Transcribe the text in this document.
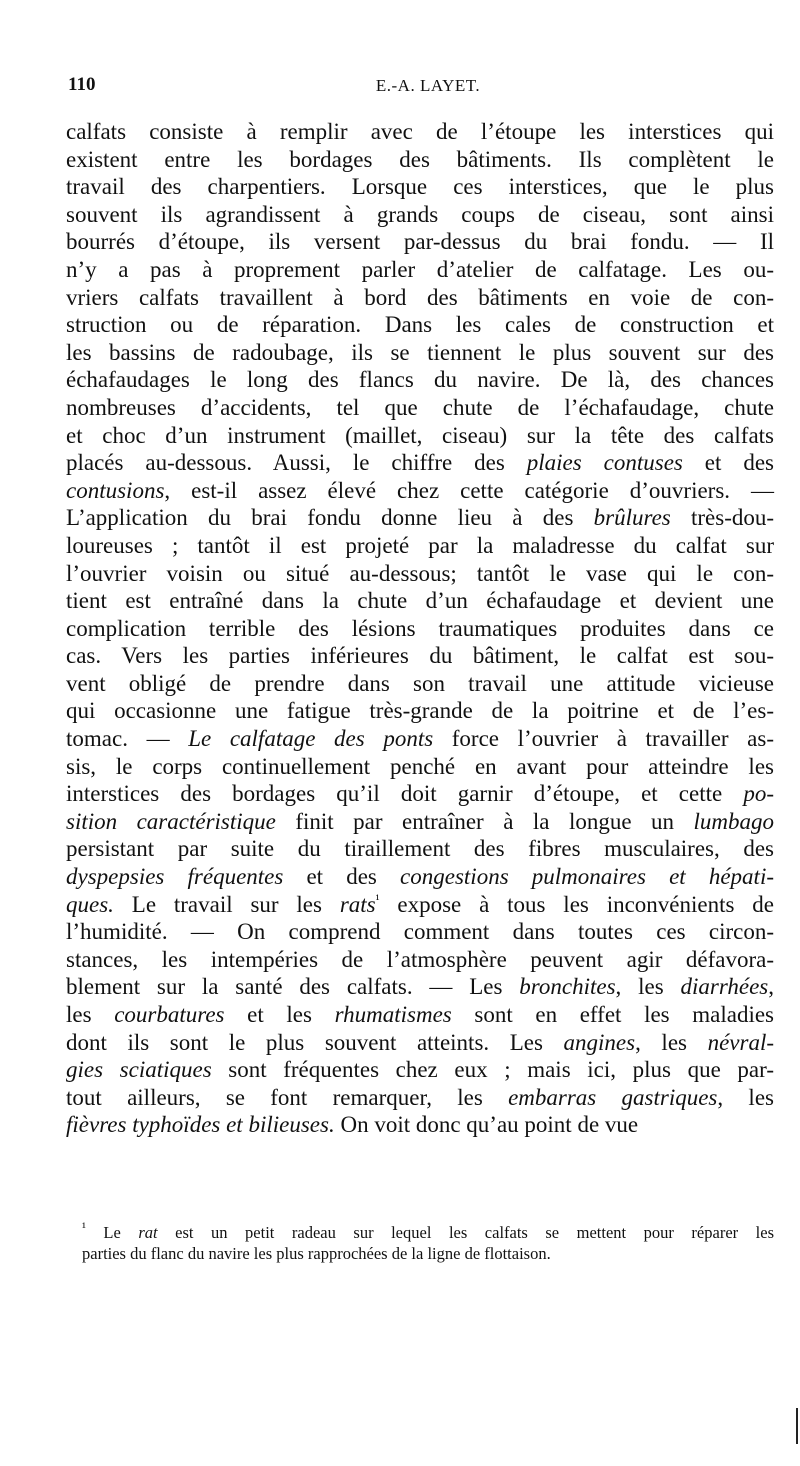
110	E.-A. LAYET.
calfats consiste à remplir avec de l’étoupe les interstices qui
existent entre les bordages des bâtiments. Ils complètent le
travail des charpentiers. Lorsque ces interstices, que le plus
souvent ils agrandissent à grands coups de ciseau, sont ainsi
bourrés d’étoupe, ils versent par-dessus du brai fondu. — Il
n’y a pas à proprement parler d’atelier de calfatage. Les ou-
vriers calfats travaillent à bord des bâtiments en voie de con-
struction ou de réparation. Dans les cales de construction et
les bassins de radoubage, ils se tiennent le plus souvent sur des
échafaudages le long des flancs du navire. De là, des chances
nombreuses d’accidents, tel que chute de l’échafaudage, chute
et choc d’un instrument (maillet, ciseau) sur la tête des calfats
placés au-dessous. Aussi, le chiffre des plaies contuses et des
contusions, est-il assez élevé chez cette catégorie d’ouvriers. —
L’application du brai fondu donne lieu à des brûlures très-dou-
loureuses ; tantôt il est projeté par la maladresse du calfat sur
l’ouvrier voisin ou situé au-dessous; tantôt le vase qui le con-
tient est entraîné dans la chute d’un échafaudage et devient une
complication terrible des lésions traumatiques produites dans ce
cas. Vers les parties inférieures du bâtiment, le calfat est sou-
vent obligé de prendre dans son travail une attitude vicieuse
qui occasionne une fatigue très-grande de la poitrine et de l’es-
tomac. — Le calfatage des ponts force l’ouvrier à travailler as-
sis, le corps continuellement penché en avant pour atteindre les
interstices des bordages qu’il doit garnir d’étoupe, et cette po-
sition caractéristique finit par entraîner à la longue un lumbago
persistant par suite du tiraillement des fibres musculaires, des
dyspepsies fréquentes et des congestions pulmonaires et hépati-
ques. Le travail sur les rats$^{^1}$ expose à tous les inconvénients de
l’humidité. — On comprend comment dans toutes ces circon-
stances, les intempéries de l’atmosphère peuvent agir défavora-
blement sur la santé des calfats. — Les bronchites, les diarrhées,
les courbatures et les rhumatismes sont en effet les maladies
dont ils sont le plus souvent atteints. Les angines, les névral-
gies sciatiques sont fréquentes chez eux ; mais ici, plus que par-
tout ailleurs, se font remarquer, les embarras gastriques, les
fièvres typhoïdes et bilieuses. On voit donc qu’au point de vue
$^{^1}$ Le rat est un petit radeau sur lequel les calfats se mettent pour réparer les
parties du flanc du navire les plus rapprochées de la ligne de flottaison.
